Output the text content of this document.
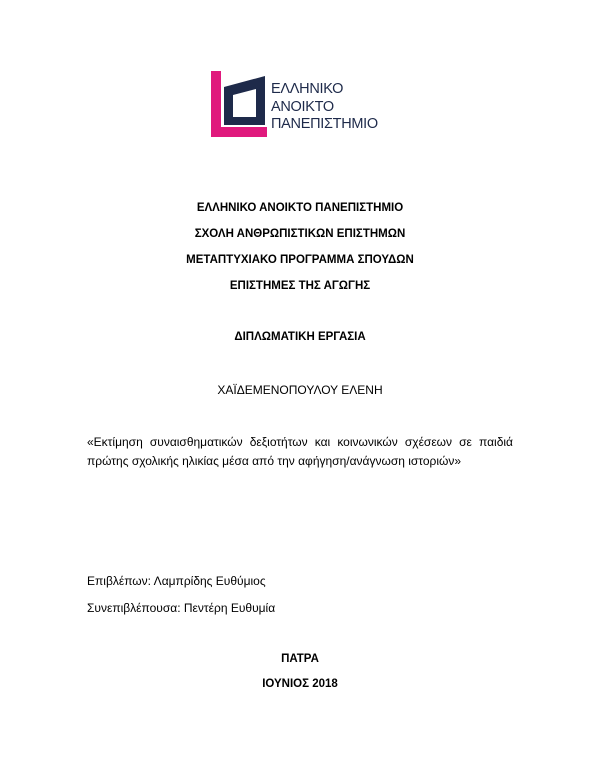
ΕΛΛΗΝΙΚΟ
ΑΝΟΙΚΤΟ
ΠΑΝΕΠΙΣΤΗΜΙΟ
ΕΛΛΗΝΙΚΟ ΑΝΟΙΚΤΟ ΠΑΝΕΠΙΣΤΗΜΙΟ
ΣΧΟΛΗ ΑΝΘΡΩΠΙΣΤΙΚΩΝ ΕΠΙΣΤΗΜΩΝ
ΜΕΤΑΠΤΥΧΙΑΚΟ ΠΡΟΓΡΑΜΜΑ ΣΠΟΥΔΩΝ
ΕΠΙΣΤΗΜΕΣ ΤΗΣ ΑΓΩΓΗΣ
ΔΙΠΛΩΜΑΤΙΚΗ ΕΡΓΑΣΙΑ
ΧΑΪΔΕΜΕΝΟΠΟΥΛΟΥ ΕΛΕΝΗ
«Εκτίμηση συναισθηματικών δεξιοτήτων και κοινωνικών σχέσεων σε παιδιά πρώτης σχολικής ηλικίας μέσα από την αφήγηση/ανάγνωση ιστοριών»
Επιβλέπων: Λαμπρίδης Ευθύμιος
Συνεπιβλέπουσα: Πεντέρη Ευθυμία
ΠΑΤΡΑ
ΙΟΥΝΙΟΣ 2018
